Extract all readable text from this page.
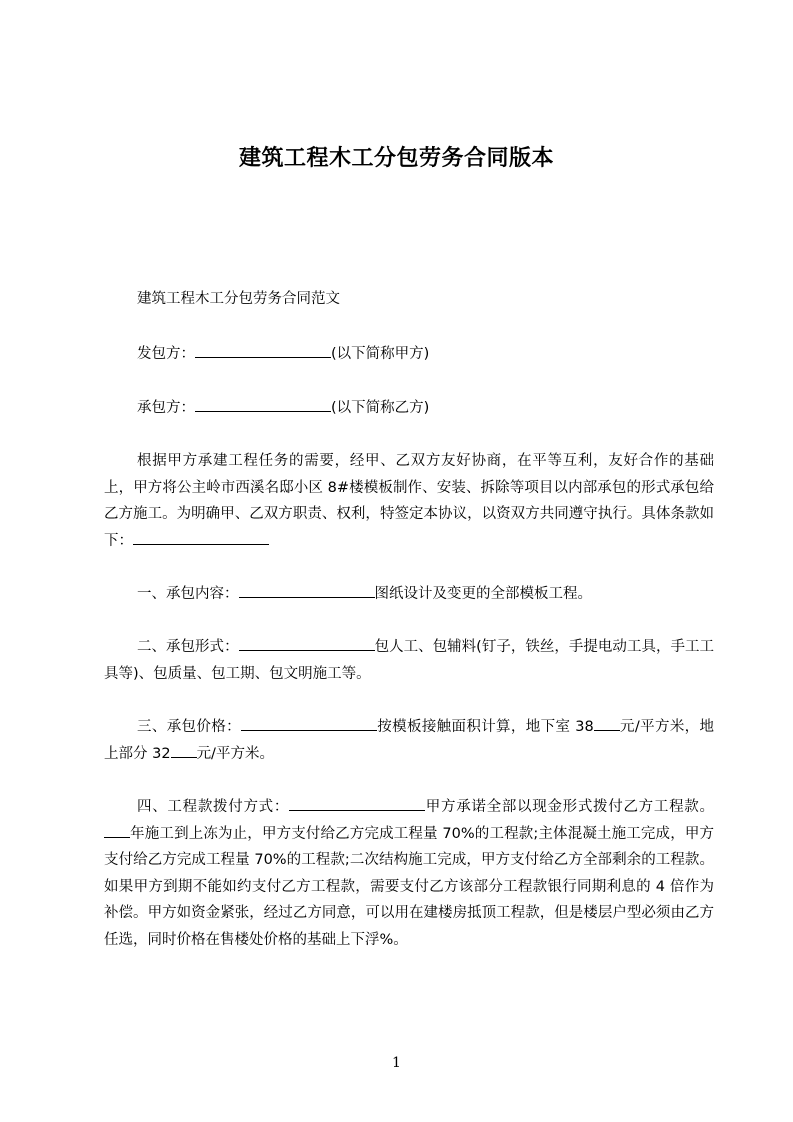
建筑工程木工分包劳务合同版本

建筑工程木工分包劳务合同范文

发包方：	(以下简称甲方)

承包方：	(以下简称乙方)

根据甲方承建工程任务的需要，经甲、乙双方友好协商，在平等互利，友好合作的基础上，甲方将公主岭市西溪名邸小区 8#楼模板制作、安装、拆除等项目以内部承包的形式承包给乙方施工。为明确甲、乙双方职责、权利，特签定本协议，以资双方共同遵守执行。具体条款如下：

一、承包内容：	图纸设计及变更的全部模板工程。

二、承包形式：	包人工、包辅料(钉子，铁丝，手提电动工具，手工工具等)、包质量、包工期、包文明施工等。

三、承包价格：	按模板接触面积计算，地下室 38 元/平方米，地上部分 32 元/平方米。

四、工程款拨付方式：	甲方承诺全部以现金形式拨付乙方工程款。年施工到上冻为止，甲方支付给乙方完成工程量 70%的工程款;主体混凝土施工完成，甲方支付给乙方完成工程量 70%的工程款;二次结构施工完成，甲方支付给乙方全部剩余的工程款。如果甲方到期不能如约支付乙方工程款，需要支付乙方该部分工程款银行同期利息的 4 倍作为补偿。甲方如资金紧张，经过乙方同意，可以用在建楼房抵顶工程款，但是楼层户型必须由乙方任选，同时价格在售楼处价格的基础上下浮%。

1
